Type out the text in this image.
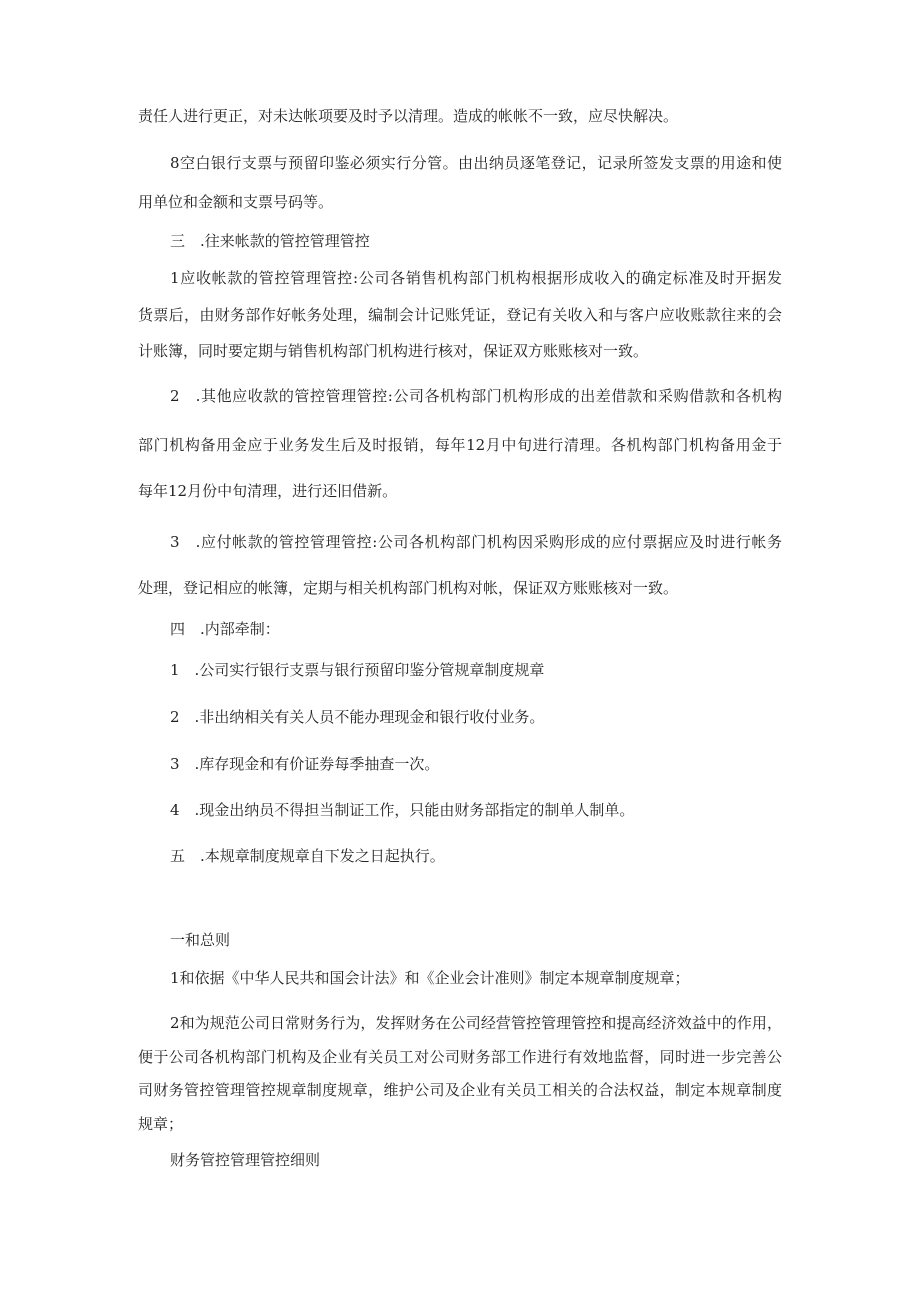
责任人进行更正，对未达帐项要及时予以清理。造成的帐帐不一致，应尽快解决。
8空白银行支票与预留印鉴必须实行分管。由出纳员逐笔登记，记录所签发支票的用途和使
用单位和金额和支票号码等。
三　.往来帐款的管控管理管控
1应收帐款的管控管理管控:公司各销售机构部门机构根据形成收入的确定标准及时开据发
货票后，由财务部作好帐务处理，编制会计记账凭证，登记有关收入和与客户应收账款往来的会
计账簿，同时要定期与销售机构部门机构进行核对，保证双方账账核对一致。
2　.其他应收款的管控管理管控:公司各机构部门机构形成的出差借款和采购借款和各机构
部门机构备用金应于业务发生后及时报销，每年12月中旬进行清理。各机构部门机构备用金于
每年12月份中旬清理，进行还旧借新。
3　.应付帐款的管控管理管控:公司各机构部门机构因采购形成的应付票据应及时进行帐务
处理，登记相应的帐簿，定期与相关机构部门机构对帐，保证双方账账核对一致。
四　.内部牵制：
1　.公司实行银行支票与银行预留印鉴分管规章制度规章
2　.非出纳相关有关人员不能办理现金和银行收付业务。
3　.库存现金和有价证券每季抽查一次。
4　.现金出纳员不得担当制证工作，只能由财务部指定的制单人制单。
五　.本规章制度规章自下发之日起执行。
一和总则
1和依据《中华人民共和国会计法》和《企业会计准则》制定本规章制度规章；
2和为规范公司日常财务行为，发挥财务在公司经营管控管理管控和提高经济效益中的作用，
便于公司各机构部门机构及企业有关员工对公司财务部工作进行有效地监督，同时进一步完善公
司财务管控管理管控规章制度规章，维护公司及企业有关员工相关的合法权益，制定本规章制度
规章；
财务管控管理管控细则
